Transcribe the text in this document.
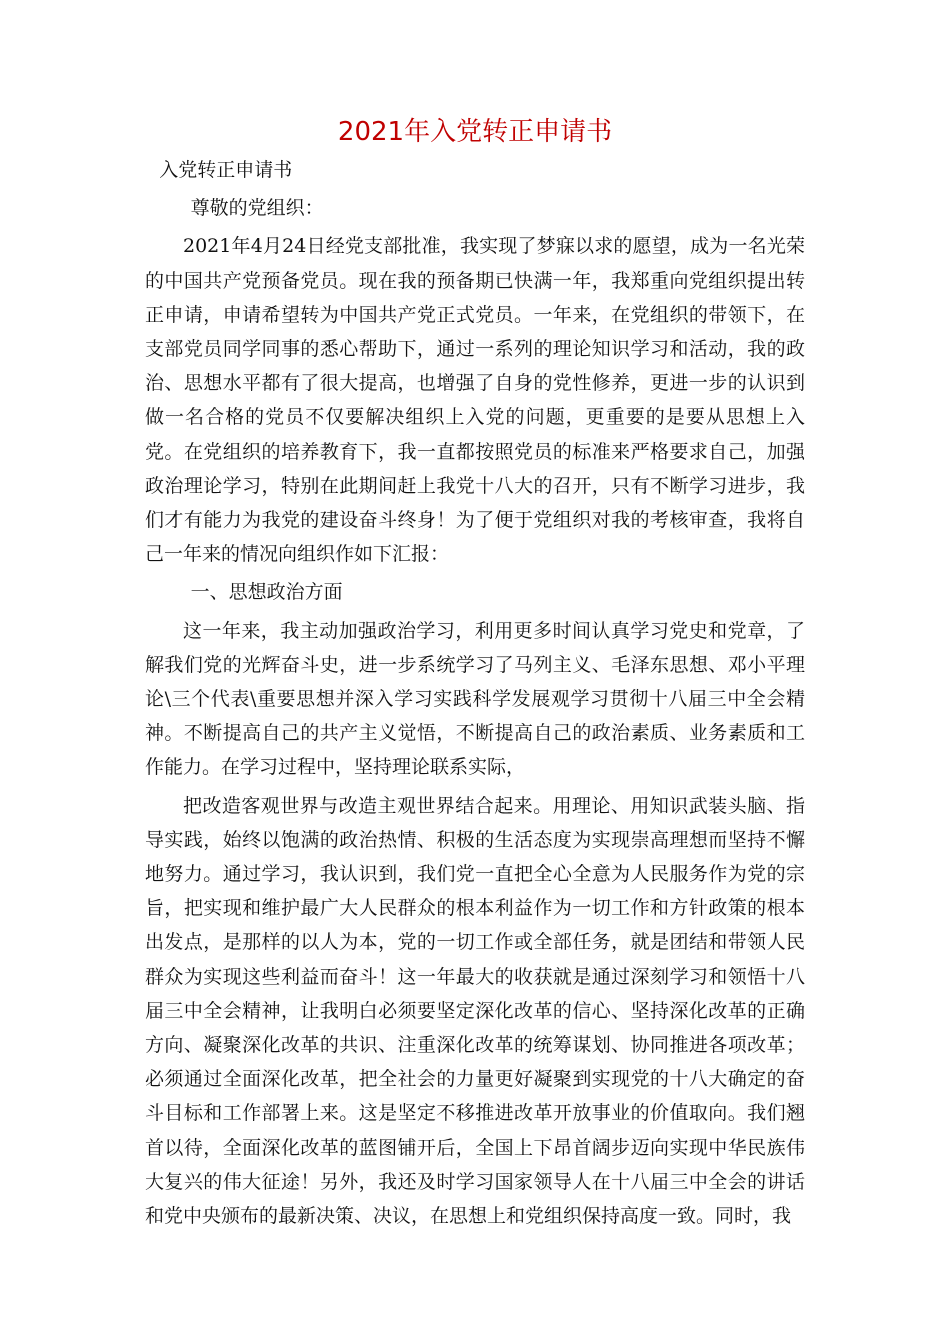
2021年入党转正申请书

入党转正申请书

尊敬的党组织：

2021年4月24日经党支部批准，我实现了梦寐以求的愿望，成为一名光荣的中国共产党预备党员。现在我的预备期已快满一年，我郑重向党组织提出转正申请，申请希望转为中国共产党正式党员。一年来，在党组织的带领下，在支部党员同学同事的悉心帮助下，通过一系列的理论知识学习和活动，我的政治、思想水平都有了很大提高，也增强了自身的党性修养，更进一步的认识到做一名合格的党员不仅要解决组织上入党的问题，更重要的是要从思想上入党。在党组织的培养教育下，我一直都按照党员的标准来严格要求自己，加强政治理论学习，特别在此期间赶上我党十八大的召开，只有不断学习进步，我们才有能力为我党的建设奋斗终身！为了便于党组织对我的考核审查，我将自己一年来的情况向组织作如下汇报：

一、思想政治方面

这一年来，我主动加强政治学习，利用更多时间认真学习党史和党章，了解我们党的光辉奋斗史，进一步系统学习了马列主义、毛泽东思想、邓小平理论\三个代表\重要思想并深入学习实践科学发展观学习贯彻十八届三中全会精神。不断提高自己的共产主义觉悟，不断提高自己的政治素质、业务素质和工作能力。在学习过程中，坚持理论联系实际，

把改造客观世界与改造主观世界结合起来。用理论、用知识武装头脑、指导实践，始终以饱满的政治热情、积极的生活态度为实现崇高理想而坚持不懈地努力。通过学习，我认识到，我们党一直把全心全意为人民服务作为党的宗旨，把实现和维护最广大人民群众的根本利益作为一切工作和方针政策的根本出发点，是那样的以人为本，党的一切工作或全部任务，就是团结和带领人民群众为实现这些利益而奋斗！这一年最大的收获就是通过深刻学习和领悟十八届三中全会精神，让我明白必须要坚定深化改革的信心、坚持深化改革的正确方向、凝聚深化改革的共识、注重深化改革的统筹谋划、协同推进各项改革；必须通过全面深化改革，把全社会的力量更好凝聚到实现党的十八大确定的奋斗目标和工作部署上来。这是坚定不移推进改革开放事业的价值取向。我们翘首以待，全面深化改革的蓝图铺开后，全国上下昂首阔步迈向实现中华民族伟大复兴的伟大征途！另外，我还及时学习国家领导人在十八届三中全会的讲话和党中央颁布的最新决策、决议，在思想上和党组织保持高度一致。同时，我
